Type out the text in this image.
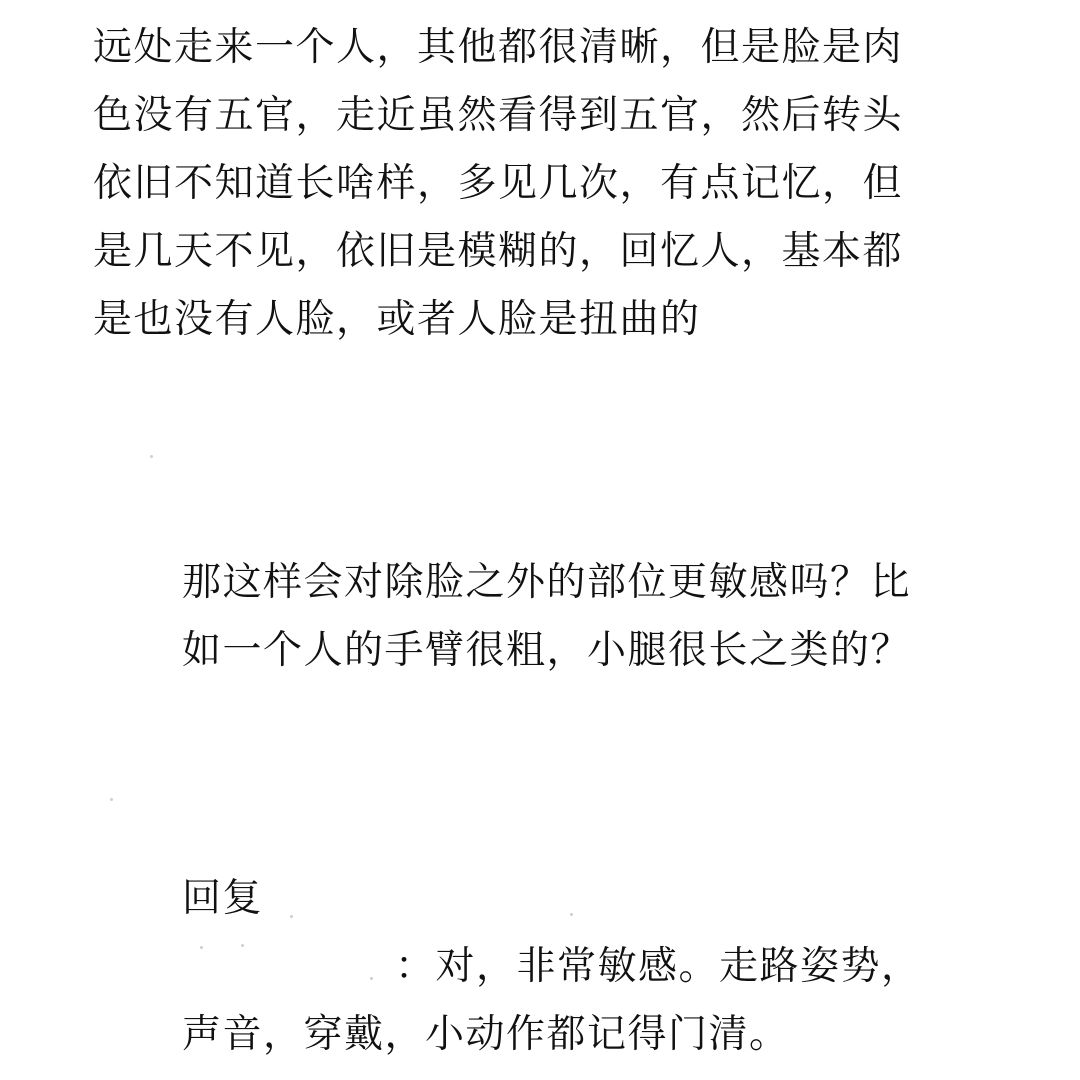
远处走来一个人，其他都很清晰，但是脸是肉
色没有五官，走近虽然看得到五官，然后转头
依旧不知道长啥样，多见几次，有点记忆，但
是几天不见，依旧是模糊的，回忆人，基本都
是也没有人脸，或者人脸是扭曲的
那这样会对除脸之外的部位更敏感吗？比
如一个人的手臂很粗，小腿很长之类的？
回复
：对，非常敏感。走路姿势，
声音，穿戴，小动作都记得门清。
